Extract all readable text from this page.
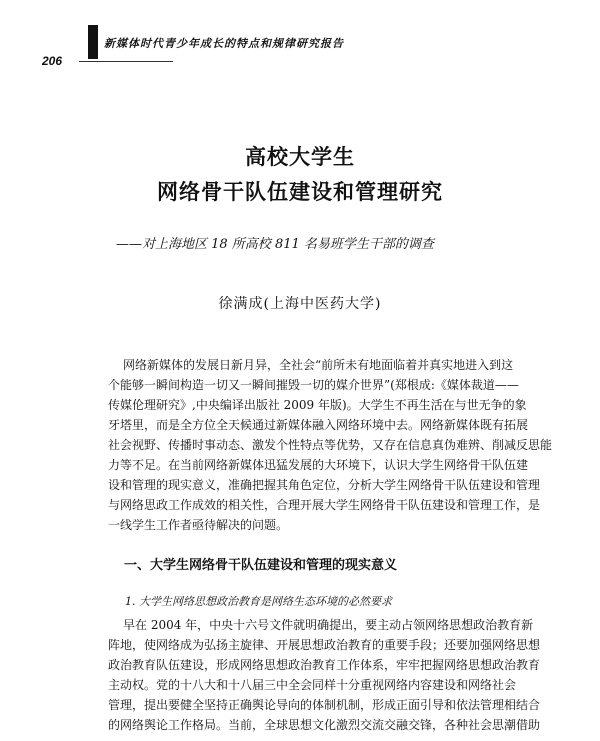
新媒体时代青少年成长的特点和规律研究报告
206
高校大学生
网络骨干队伍建设和管理研究
——对上海地区 18 所高校 811 名易班学生干部的调查
徐满成(上海中医药大学)
网络新媒体的发展日新月异，全社会“前所未有地面临着并真实地进入到这
个能够一瞬间构造一切又一瞬间摧毁一切的媒介世界”(郑根成:《媒体裁道——
传媒伦理研究》,中央编译出版社 2009 年版)。大学生不再生活在与世无争的象
牙塔里，而是全方位全天候通过新媒体融入网络环境中去。网络新媒体既有拓展
社会视野、传播时事动态、激发个性特点等优势，又存在信息真伪难辨、削减反思能
力等不足。在当前网络新媒体迅猛发展的大环境下，认识大学生网络骨干队伍建
设和管理的现实意义，准确把握其角色定位，分析大学生网络骨干队伍建设和管理
与网络思政工作成效的相关性，合理开展大学生网络骨干队伍建设和管理工作，是
一线学生工作者亟待解决的问题。
一、大学生网络骨干队伍建设和管理的现实意义
1. 大学生网络思想政治教育是网络生态环境的必然要求
早在 2004 年，中央十六号文件就明确提出，要主动占领网络思想政治教育新
阵地，使网络成为弘扬主旋律、开展思想政治教育的重要手段；还要加强网络思想
政治教育队伍建设，形成网络思想政治教育工作体系，牢牢把握网络思想政治教育
主动权。党的十八大和十八届三中全会同样十分重视网络内容建设和网络社会
管理，提出要健全坚持正确舆论导向的体制机制，形成正面引导和依法管理相结合
的网络舆论工作格局。当前，全球思想文化激烈交流交融交锋，各种社会思潮借助
